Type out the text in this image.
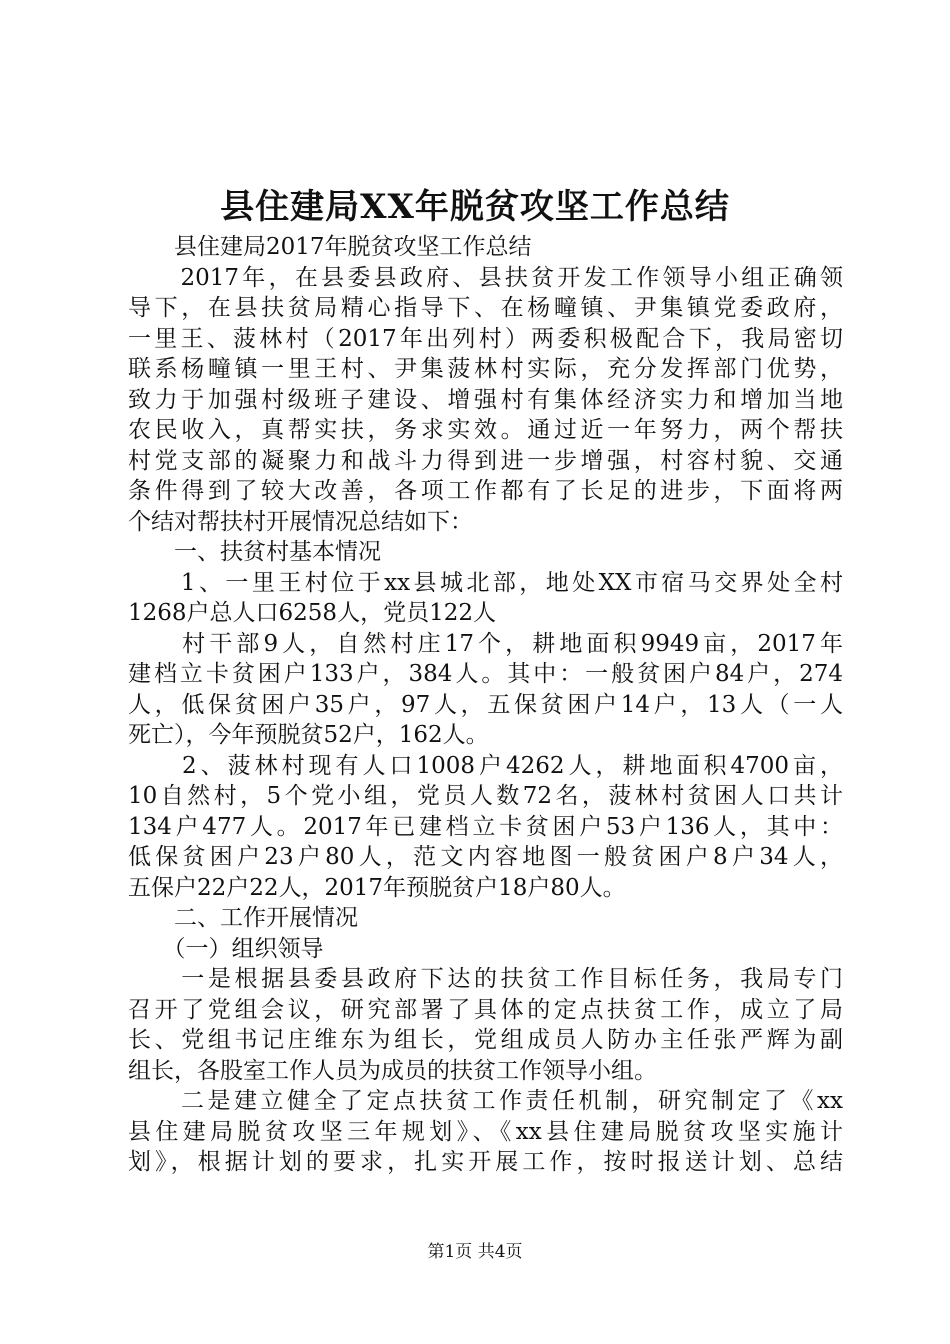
县住建局XX年脱贫攻坚工作总结
　　县住建局2017年脱贫攻坚工作总结
　　2017年，在县委县政府、县扶贫开发工作领导小组正确领
导下，在县扶贫局精心指导下、在杨疃镇、尹集镇党委政府，
一里王、菠林村（2017年出列村）两委积极配合下，我局密切
联系杨疃镇一里王村、尹集菠林村实际，充分发挥部门优势，
致力于加强村级班子建设、增强村有集体经济实力和增加当地
农民收入，真帮实扶，务求实效。通过近一年努力，两个帮扶
村党支部的凝聚力和战斗力得到进一步增强，村容村貌、交通
条件得到了较大改善，各项工作都有了长足的进步，下面将两
个结对帮扶村开展情况总结如下：
　　一、扶贫村基本情况
　　1、一里王村位于xx县城北部，地处XX市宿马交界处全村
1268户总人口6258人，党员122人
　　村干部9人，自然村庄17个，耕地面积9949亩，2017年
建档立卡贫困户133户，384人。其中：一般贫困户84户，274
人，低保贫困户35户，97人，五保贫困户14户，13人（一人
死亡），今年预脱贫52户，162人。
　　2、菠林村现有人口1008户4262人，耕地面积4700亩，
10自然村，5个党小组，党员人数72名，菠林村贫困人口共计
134户477人。2017年已建档立卡贫困户53户136人，其中：
低保贫困户23户80人，范文内容地图一般贫困户8户34人，
五保户22户22人，2017年预脱贫户18户80人。
　　二、工作开展情况
　　（一）组织领导
　　一是根据县委县政府下达的扶贫工作目标任务，我局专门
召开了党组会议，研究部署了具体的定点扶贫工作，成立了局
长、党组书记庄维东为组长，党组成员人防办主任张严辉为副
组长，各股室工作人员为成员的扶贫工作领导小组。
　　二是建立健全了定点扶贫工作责任机制，研究制定了《xx
县住建局脱贫攻坚三年规划》、《xx县住建局脱贫攻坚实施计
划》，根据计划的要求，扎实开展工作，按时报送计划、总结
第1页 共4页
